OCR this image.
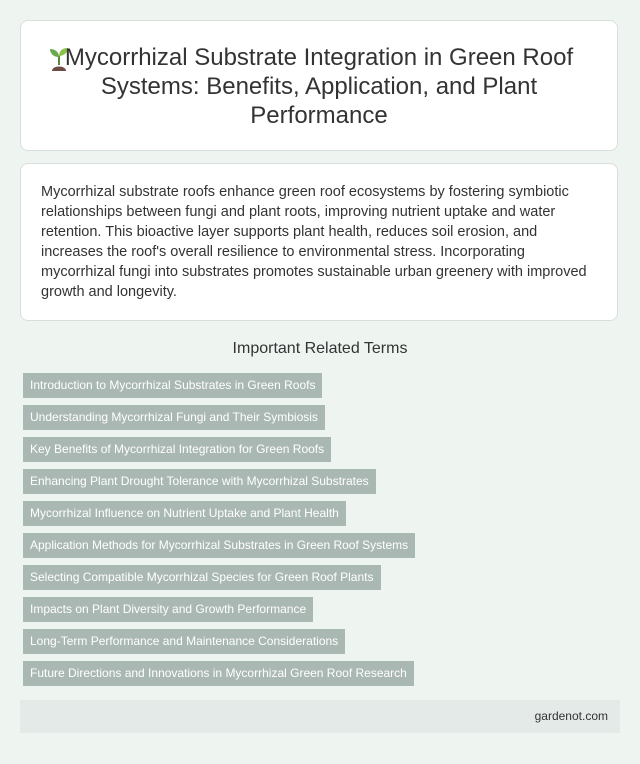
Mycorrhizal Substrate Integration in Green Roof Systems: Benefits, Application, and Plant Performance

Mycorrhizal substrate roofs enhance green roof ecosystems by fostering symbiotic relationships between fungi and plant roots, improving nutrient uptake and water retention. This bioactive layer supports plant health, reduces soil erosion, and increases the roof's overall resilience to environmental stress. Incorporating mycorrhizal fungi into substrates promotes sustainable urban greenery with improved growth and longevity.

Important Related Terms
Introduction to Mycorrhizal Substrates in Green Roofs
Understanding Mycorrhizal Fungi and Their Symbiosis
Key Benefits of Mycorrhizal Integration for Green Roofs
Enhancing Plant Drought Tolerance with Mycorrhizal Substrates
Mycorrhizal Influence on Nutrient Uptake and Plant Health
Application Methods for Mycorrhizal Substrates in Green Roof Systems
Selecting Compatible Mycorrhizal Species for Green Roof Plants
Impacts on Plant Diversity and Growth Performance
Long-Term Performance and Maintenance Considerations
Future Directions and Innovations in Mycorrhizal Green Roof Research
gardenot.com
